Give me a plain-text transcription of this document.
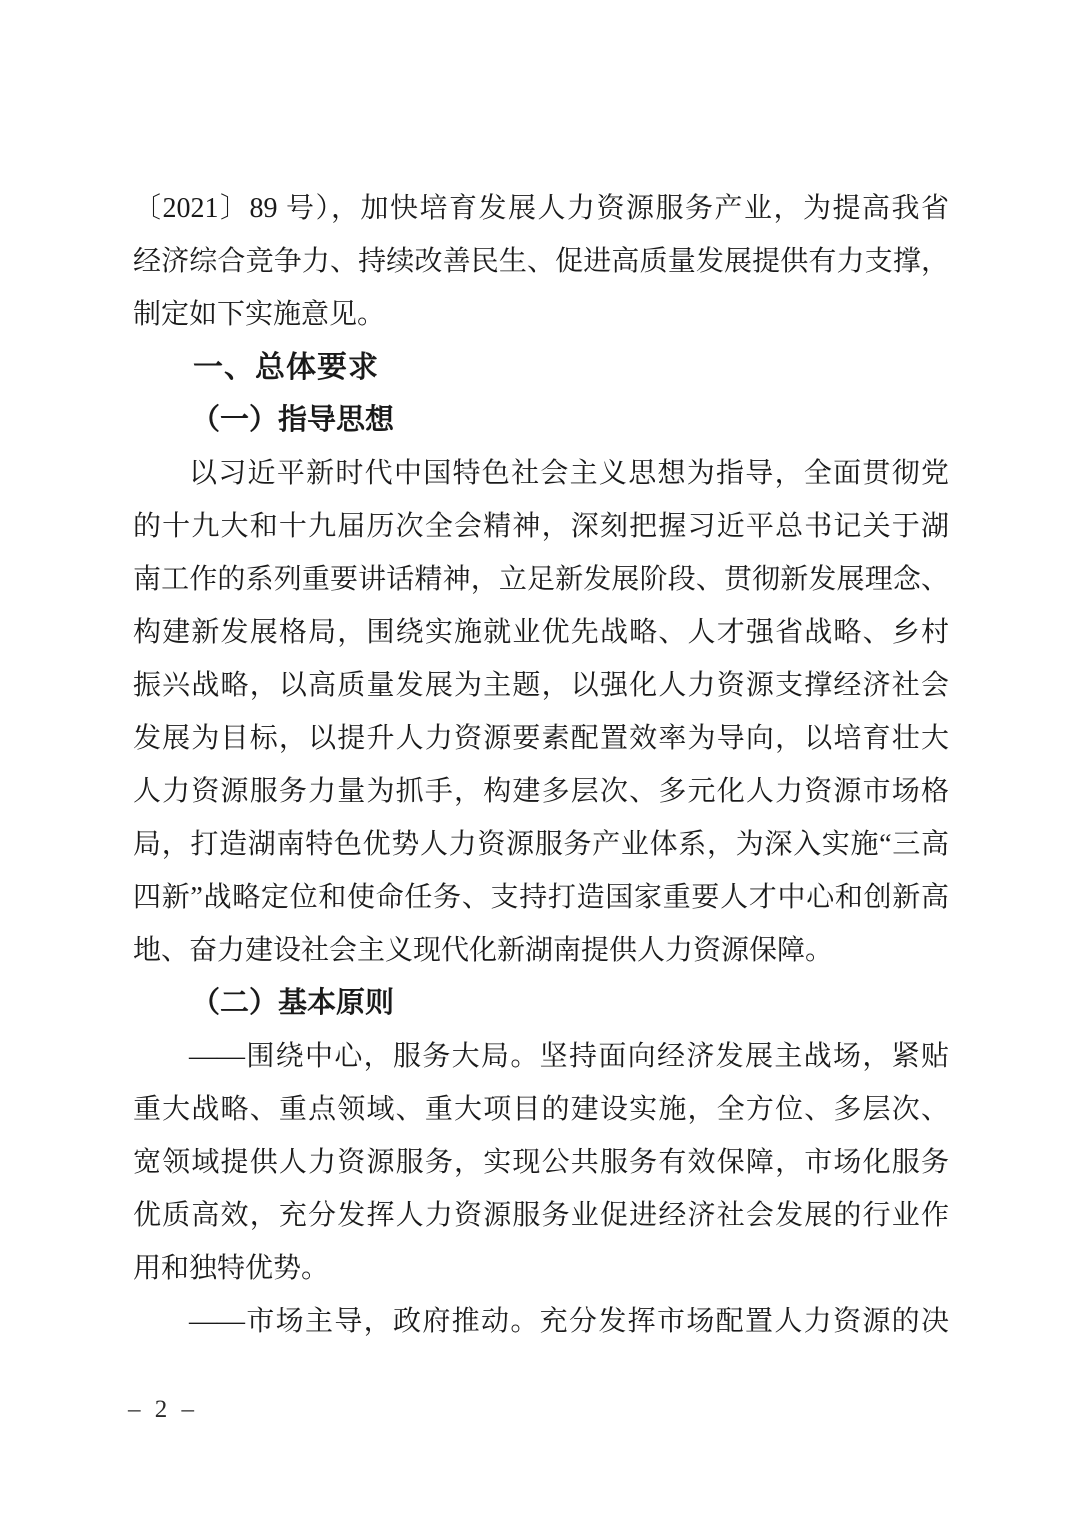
〔2021〕89 号），加快培育发展人力资源服务产业，为提高我省
经济综合竞争力、持续改善民生、促进高质量发展提供有力支撑，
制定如下实施意见。
一、总体要求
（一）指导思想
以习近平新时代中国特色社会主义思想为指导，全面贯彻党
的十九大和十九届历次全会精神，深刻把握习近平总书记关于湖
南工作的系列重要讲话精神，立足新发展阶段、贯彻新发展理念、
构建新发展格局，围绕实施就业优先战略、人才强省战略、乡村
振兴战略，以高质量发展为主题，以强化人力资源支撑经济社会
发展为目标，以提升人力资源要素配置效率为导向，以培育壮大
人力资源服务力量为抓手，构建多层次、多元化人力资源市场格
局，打造湖南特色优势人力资源服务产业体系，为深入实施“三高
四新”战略定位和使命任务、支持打造国家重要人才中心和创新高
地、奋力建设社会主义现代化新湖南提供人力资源保障。
（二）基本原则
——围绕中心，服务大局。坚持面向经济发展主战场，紧贴
重大战略、重点领域、重大项目的建设实施，全方位、多层次、
宽领域提供人力资源服务，实现公共服务有效保障，市场化服务
优质高效，充分发挥人力资源服务业促进经济社会发展的行业作
用和独特优势。
——市场主导，政府推动。充分发挥市场配置人力资源的决
– 2 –
